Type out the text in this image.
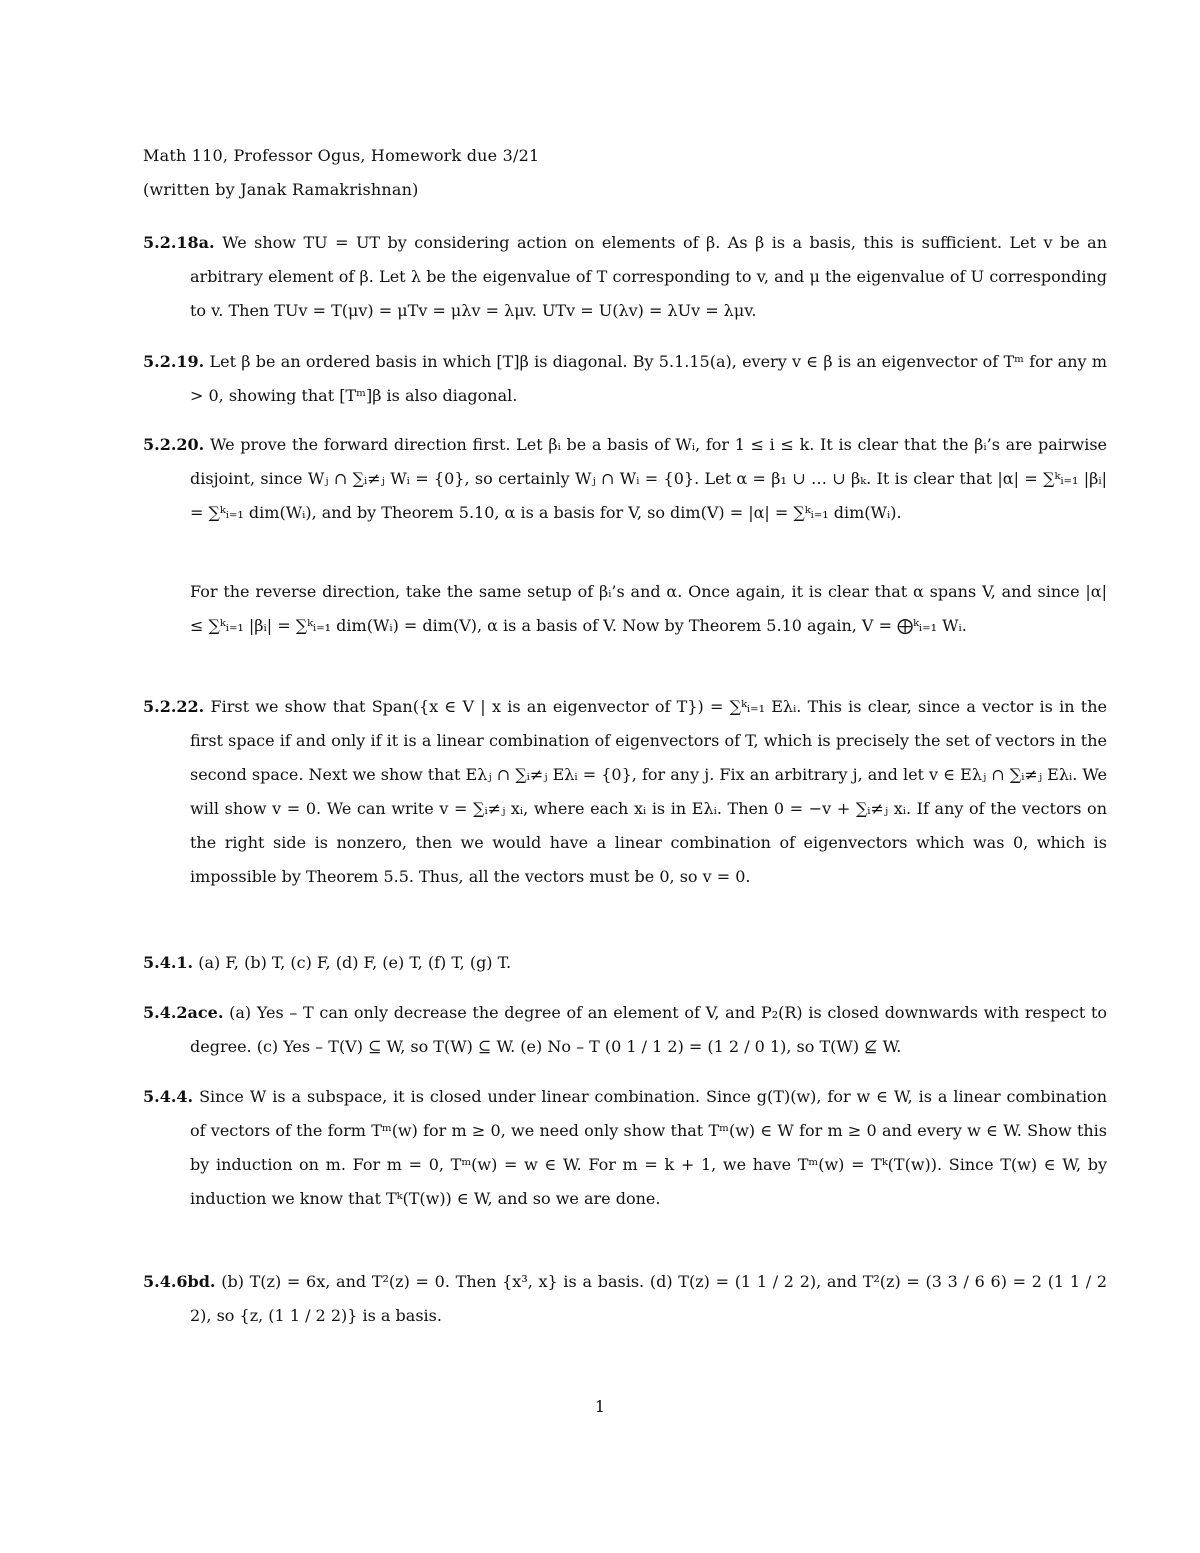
Math 110, Professor Ogus, Homework due 3/21
(written by Janak Ramakrishnan)
5.2.18a. We show TU = UT by considering action on elements of β. As β is a basis, this is sufficient. Let v be an arbitrary element of β. Let λ be the eigenvalue of T corresponding to v, and μ the eigenvalue of U corresponding to v. Then TUv = T(μv) = μTv = μλv = λμv. UTv = U(λv) = λUv = λμv.
5.2.19. Let β be an ordered basis in which [T]β is diagonal. By 5.1.15(a), every v ∈ β is an eigenvector of Tᵐ for any m > 0, showing that [Tᵐ]β is also diagonal.
5.2.20. We prove the forward direction first. Let βᵢ be a basis of Wᵢ, for 1 ≤ i ≤ k. It is clear that the βᵢ’s are pairwise disjoint, since Wⱼ ∩ ∑ᵢ≠ⱼ Wᵢ = {0}, so certainly Wⱼ ∩ Wᵢ = {0}. Let α = β₁ ∪ … ∪ βₖ. It is clear that |α| = ∑ᵏᵢ₌₁ |βᵢ| = ∑ᵏᵢ₌₁ dim(Wᵢ), and by Theorem 5.10, α is a basis for V, so dim(V) = |α| = ∑ᵏᵢ₌₁ dim(Wᵢ).
For the reverse direction, take the same setup of βᵢ’s and α. Once again, it is clear that α spans V, and since |α| ≤ ∑ᵏᵢ₌₁ |βᵢ| = ∑ᵏᵢ₌₁ dim(Wᵢ) = dim(V), α is a basis of V. Now by Theorem 5.10 again, V = ⨁ᵏᵢ₌₁ Wᵢ.
5.2.22. First we show that Span({x ∈ V | x is an eigenvector of T}) = ∑ᵏᵢ₌₁ Eλᵢ. This is clear, since a vector is in the first space if and only if it is a linear combination of eigenvectors of T, which is precisely the set of vectors in the second space. Next we show that Eλⱼ ∩ ∑ᵢ≠ⱼ Eλᵢ = {0}, for any j. Fix an arbitrary j, and let v ∈ Eλⱼ ∩ ∑ᵢ≠ⱼ Eλᵢ. We will show v = 0. We can write v = ∑ᵢ≠ⱼ xᵢ, where each xᵢ is in Eλᵢ. Then 0 = −v + ∑ᵢ≠ⱼ xᵢ. If any of the vectors on the right side is nonzero, then we would have a linear combination of eigenvectors which was 0, which is impossible by Theorem 5.5. Thus, all the vectors must be 0, so v = 0.
5.4.1. (a) F, (b) T, (c) F, (d) F, (e) T, (f) T, (g) T.
5.4.2ace. (a) Yes – T can only decrease the degree of an element of V, and P₂(R) is closed downwards with respect to degree. (c) Yes – T(V) ⊆ W, so T(W) ⊆ W. (e) No – T (0 1 / 1 2) = (1 2 / 0 1), so T(W) ⊈ W.
5.4.4. Since W is a subspace, it is closed under linear combination. Since g(T)(w), for w ∈ W, is a linear combination of vectors of the form Tᵐ(w) for m ≥ 0, we need only show that Tᵐ(w) ∈ W for m ≥ 0 and every w ∈ W. Show this by induction on m. For m = 0, Tᵐ(w) = w ∈ W. For m = k + 1, we have Tᵐ(w) = Tᵏ(T(w)). Since T(w) ∈ W, by induction we know that Tᵏ(T(w)) ∈ W, and so we are done.
5.4.6bd. (b) T(z) = 6x, and T²(z) = 0. Then {x³, x} is a basis. (d) T(z) = (1 1 / 2 2), and T²(z) = (3 3 / 6 6) = 2 (1 1 / 2 2), so {z, (1 1 / 2 2)} is a basis.
1
